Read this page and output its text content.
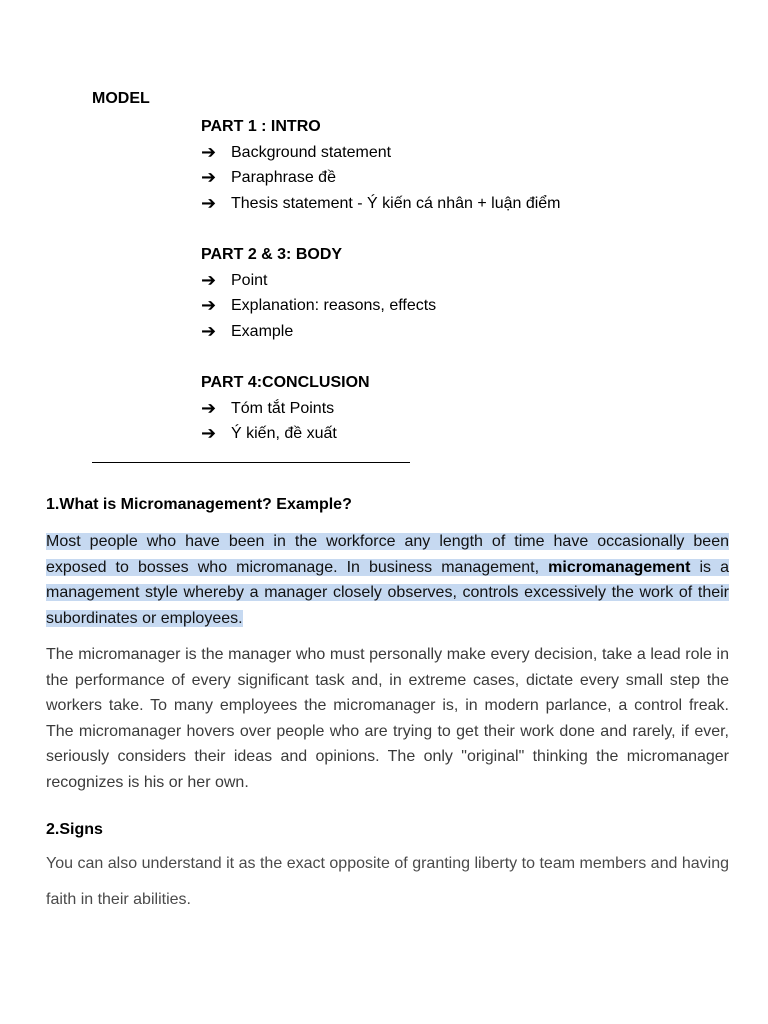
MODEL
PART 1 : INTRO
➔ Background statement
➔ Paraphrase đề
➔ Thesis statement - Ý kiến cá nhân + luận điểm
PART 2 & 3: BODY
➔ Point
➔ Explanation: reasons, effects
➔ Example
PART 4:CONCLUSION
➔ Tóm tắt Points
➔ Ý kiến, đề xuất
1.What is Micromanagement? Example?
Most people who have been in the workforce any length of time have occasionally been exposed to bosses who micromanage. In business management, micromanagement is a management style whereby a manager closely observes, controls excessively the work of their subordinates or employees.
The micromanager is the manager who must personally make every decision, take a lead role in the performance of every significant task and, in extreme cases, dictate every small step the workers take. To many employees the micromanager is, in modern parlance, a control freak. The micromanager hovers over people who are trying to get their work done and rarely, if ever, seriously considers their ideas and opinions. The only "original" thinking the micromanager recognizes is his or her own.
2.Signs
You can also understand it as the exact opposite of granting liberty to team members and having faith in their abilities.
